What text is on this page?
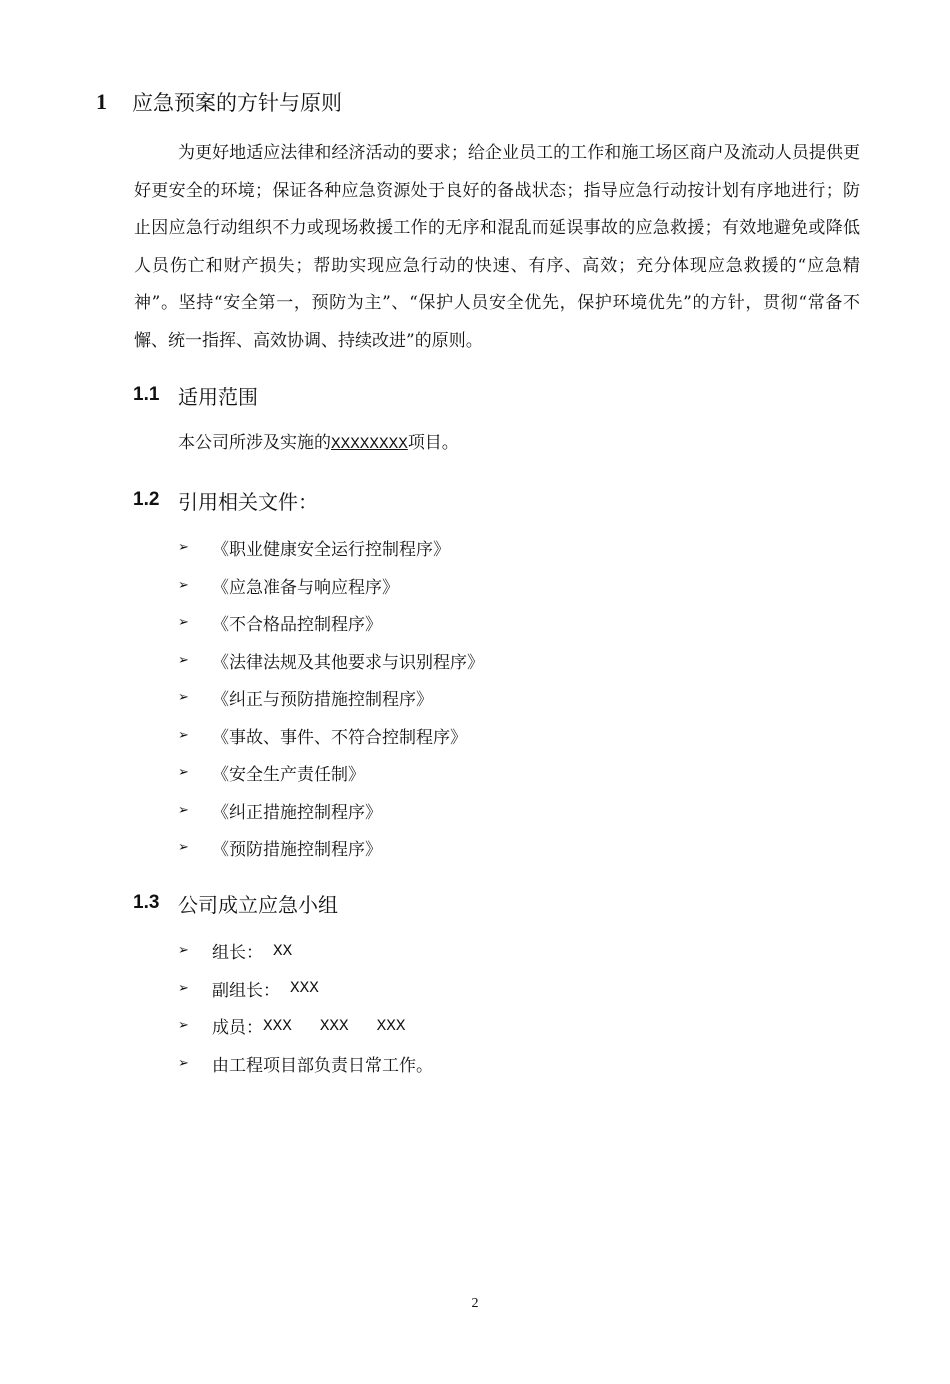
1	应急预案的方针与原则

为更好地适应法律和经济活动的要求；给企业员工的工作和施工场区商户及流动人员提供更好更安全的环境；保证各种应急资源处于良好的备战状态；指导应急行动按计划有序地进行；防止因应急行动组织不力或现场救援工作的无序和混乱而延误事故的应急救援；有效地避免或降低人员伤亡和财产损失；帮助实现应急行动的快速、有序、高效；充分体现应急救援的“应急精神”。坚持“安全第一，预防为主”、“保护人员安全优先，保护环境优先”的方针，贯彻“常备不懈、统一指挥、高效协调、持续改进”的原则。

1.1 适用范围
本公司所涉及实施的XXXXXXXX项目。
1.2 引用相关文件：
➢	《职业健康安全运行控制程序》
➢	《应急准备与响应程序》
➢	《不合格品控制程序》
➢	《法律法规及其他要求与识别程序》
➢	《纠正与预防措施控制程序》
➢	《事故、事件、不符合控制程序》
➢	《安全生产责任制》
➢	《纠正措施控制程序》
➢	《预防措施控制程序》
1.3 公司成立应急小组
➢	组长： XX
➢	副组长： XXX
➢	成员： XXX XXX XXX
➢	由工程项目部负责日常工作。
2
